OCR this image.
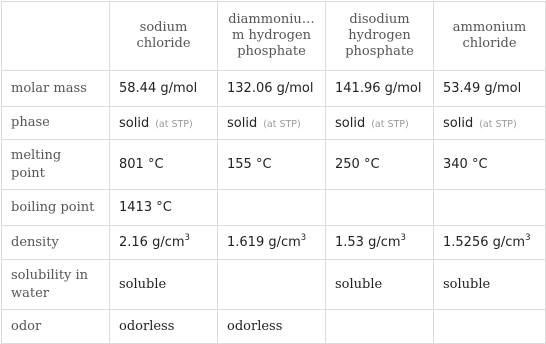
	sodium
chloride	diammoniu…
m hydrogen
phosphate	disodium
hydrogen
phosphate	ammonium
chloride
molar mass	58.44 g/mol	132.06 g/mol	141.96 g/mol	53.49 g/mol
phase	solid (at STP)	solid (at STP)	solid (at STP)	solid (at STP)
melting
point	801 °C	155 °C	250 °C	340 °C
boiling point	1413 °C			
density	2.16 $g/cm^3$	1.619 $g/cm^3$	1.53 $g/cm^3$	1.5256 $g/cm^3$
solubility in
water	soluble		soluble	soluble
odor	odorless	odorless		
